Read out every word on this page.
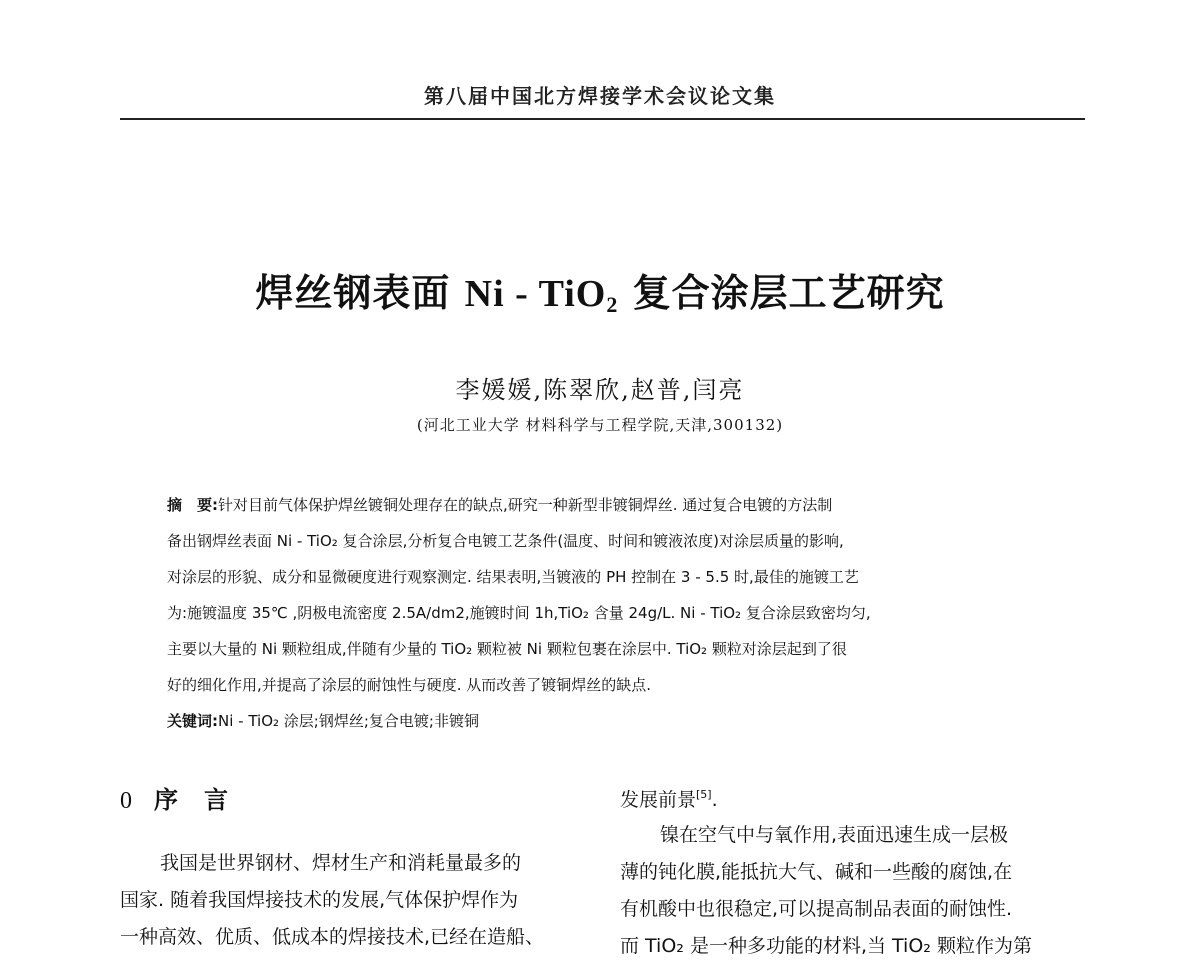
第八届中国北方焊接学术会议论文集
焊丝钢表面 Ni - TiO$_2$ 复合涂层工艺研究
李媛媛,陈翠欣,赵普,闫亮
(河北工业大学 材料科学与工程学院,天津,300132)
摘　要:针对目前气体保护焊丝镀铜处理存在的缺点,研究一种新型非镀铜焊丝. 通过复合电镀的方法制
备出钢焊丝表面 Ni - TiO₂ 复合涂层,分析复合电镀工艺条件(温度、时间和镀液浓度)对涂层质量的影响,
对涂层的形貌、成分和显微硬度进行观察测定. 结果表明,当镀液的 PH 控制在 3 - 5.5 时,最佳的施镀工艺
为:施镀温度 35℃ ,阴极电流密度 2.5A/dm2,施镀时间 1h,TiO₂ 含量 24g/L. Ni - TiO₂ 复合涂层致密均匀,
主要以大量的 Ni 颗粒组成,伴随有少量的 TiO₂ 颗粒被 Ni 颗粒包裹在涂层中. TiO₂ 颗粒对涂层起到了很
好的细化作用,并提高了涂层的耐蚀性与硬度. 从而改善了镀铜焊丝的缺点.
关键词:Ni - TiO₂ 涂层;钢焊丝;复合电镀;非镀铜
0 序言
我国是世界钢材、焊材生产和消耗量最多的
国家. 随着我国焊接技术的发展,气体保护焊作为
一种高效、优质、低成本的焊接技术,已经在造船、
发展前景[5].
镍在空气中与氧作用,表面迅速生成一层极
薄的钝化膜,能抵抗大气、碱和一些酸的腐蚀,在
有机酸中也很稳定,可以提高制品表面的耐蚀性.
而 TiO₂ 是一种多功能的材料,当 TiO₂ 颗粒作为第
